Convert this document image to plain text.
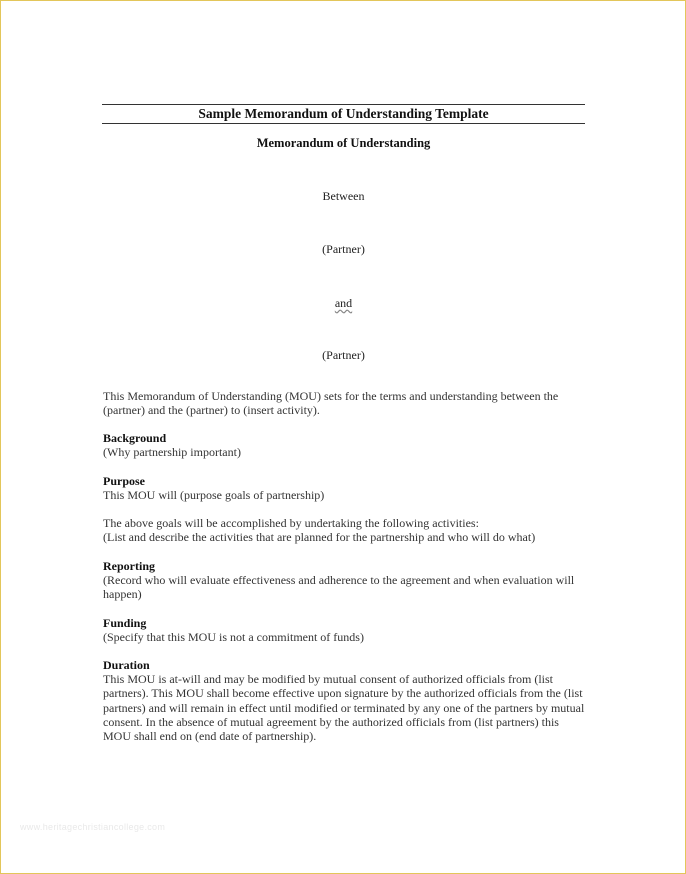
Sample Memorandum of Understanding Template
Memorandum of Understanding
Between
(Partner)
and
(Partner)
This Memorandum of Understanding (MOU) sets for the terms and understanding between the (partner) and the (partner) to (insert activity).
Background
(Why partnership important)
Purpose
This MOU will (purpose goals of partnership)
The above goals will be accomplished by undertaking the following activities:
(List and describe the activities that are planned for the partnership and who will do what)
Reporting
(Record who will evaluate effectiveness and adherence to the agreement and when evaluation will happen)
Funding
(Specify that this MOU is not a commitment of funds)
Duration
This MOU is at-will and may be modified by mutual consent of authorized officials from (list partners). This MOU shall become effective upon signature by the authorized officials from the (list partners) and will remain in effect until modified or terminated by any one of the partners by mutual consent. In the absence of mutual agreement by the authorized officials from (list partners) this MOU shall end on (end date of partnership).
www.heritagechristiancollege.com
